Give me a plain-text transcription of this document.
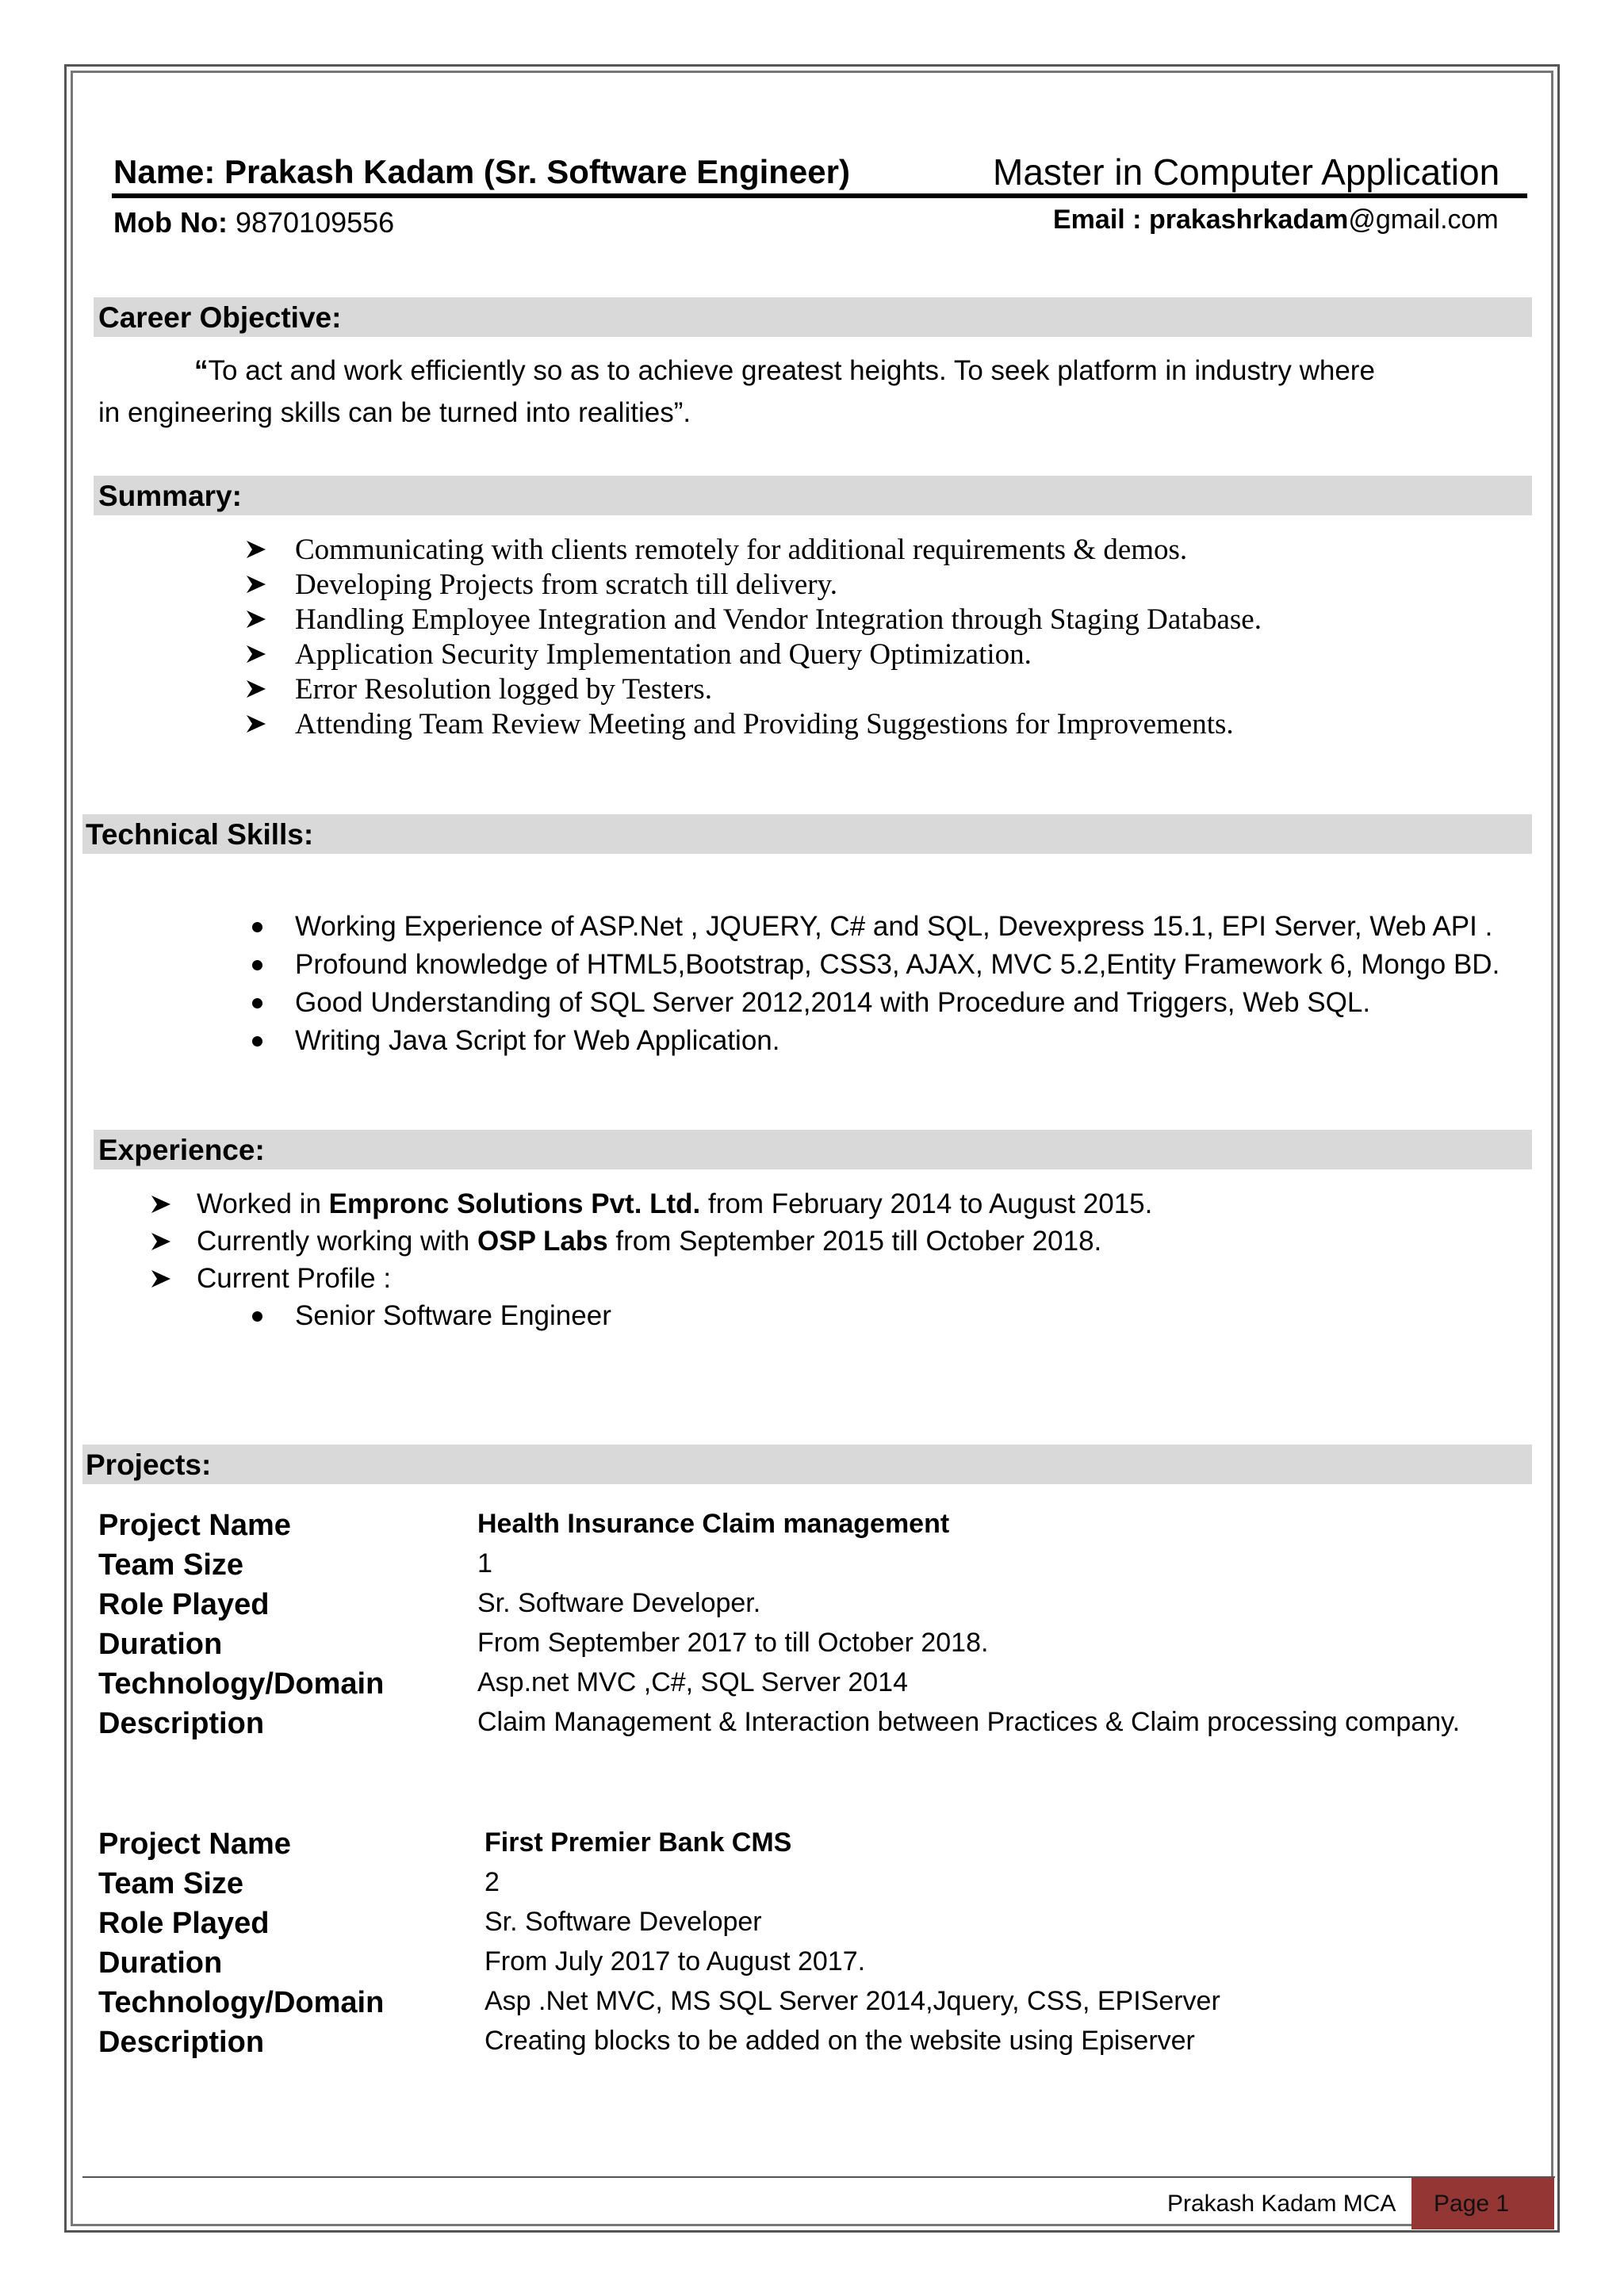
Name: Prakash Kadam (Sr. Software Engineer)	Master in Computer Application
Mob No: 9870109556	Email : prakashrkadam@gmail.com
Career Objective:
“To act and work efficiently so as to achieve greatest heights. To seek platform in industry where
in engineering skills can be turned into realities”.
Summary:
Communicating with clients remotely for additional requirements & demos.
Developing Projects from scratch till delivery.
Handling Employee Integration and Vendor Integration through Staging Database.
Application Security Implementation and Query Optimization.
Error Resolution logged by Testers.
Attending Team Review Meeting and Providing Suggestions for Improvements.
Technical Skills:
Working Experience of ASP.Net , JQUERY, C# and SQL, Devexpress 15.1, EPI Server, Web API .
Profound knowledge of HTML5,Bootstrap, CSS3, AJAX, MVC 5.2,Entity Framework 6, Mongo BD.
Good Understanding of SQL Server 2012,2014 with Procedure and Triggers, Web SQL.
Writing Java Script for Web Application.
Experience:
Worked in Empronc Solutions Pvt. Ltd. from February 2014 to August 2015.
Currently working with OSP Labs from September 2015 till October 2018.
Current Profile :
Senior Software Engineer
Projects:
Project Name
Team Size
Role Played
Duration
Technology/Domain
Description
Health Insurance Claim management
1
Sr. Software Developer.
From September 2017 to till October 2018.
Asp.net MVC ,C#, SQL Server 2014
Claim Management & Interaction between Practices & Claim processing company.
Project Name
Team Size
Role Played
Duration
Technology/Domain
Description
First Premier Bank CMS
2
Sr. Software Developer
From July 2017 to August 2017.
Asp .Net MVC, MS SQL Server 2014,Jquery, CSS, EPIServer
Creating blocks to be added on the website using Episerver
Prakash Kadam MCA Page 1
